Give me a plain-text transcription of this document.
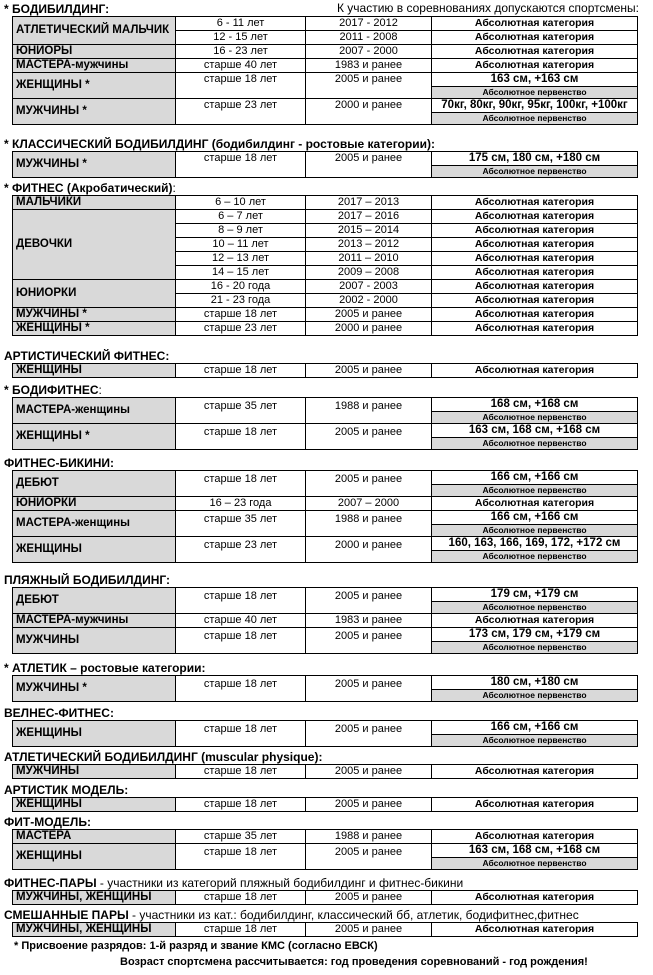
К участию в соревнованиях допускаются спортсмены:
* БОДИБИЛДИНГ:
АТЛЕТИЧЕСКИЙ МАЛЬЧИК	6 - 11 лет	2017 - 2012	Абсолютная категория

	12 - 15 лет	2011 - 2008	Абсолютная категория

ЮНИОРЫ	16 - 23 лет	2007 - 2000	Абсолютная категория

МАСТЕРА-мужчины	старше 40 лет	1983 и ранее	Абсолютная категория

ЖЕНЩИНЫ *	старше 18 лет	2005 и ранее	163 см, +163 см
Абсолютное первенство

МУЖЧИНЫ *	старше 23 лет	2000 и ранее	70кг, 80кг, 90кг, 95кг, 100кг, +100кг
Абсолютное первенство
* КЛАССИЧЕСКИЙ БОДИБИЛДИНГ (бодибилдинг - ростовые категории):
МУЖЧИНЫ *	старше 18 лет	2005 и ранее	175 см, 180 см, +180 см
Абсолютное первенство
* ФИТНЕС (Акробатический):
МАЛЬЧИКИ	6 – 10 лет	2017 – 2013	Абсолютная категория

ДЕВОЧКИ	6 – 7 лет	2017 – 2016	Абсолютная категория

	8 – 9 лет	2015 – 2014	Абсолютная категория

	10 – 11 лет	2013 – 2012	Абсолютная категория

	12 – 13 лет	2011 – 2010	Абсолютная категория

	14 – 15 лет	2009 – 2008	Абсолютная категория

ЮНИОРКИ	16 - 20 года	2007 - 2003	Абсолютная категория

	21 - 23 года	2002 - 2000	Абсолютная категория

МУЖЧИНЫ *	старше 18 лет	2005 и ранее	Абсолютная категория

ЖЕНЩИНЫ *	старше 23 лет	2000 и ранее	Абсолютная категория
АРТИСТИЧЕСКИЙ ФИТНЕС:
ЖЕНЩИНЫ	старше 18 лет	2005 и ранее	Абсолютная категория
* БОДИФИТНЕС:
МАСТЕРА-женщины	старше 35 лет	1988 и ранее	168 см, +168 см
Абсолютное первенство

ЖЕНЩИНЫ *	старше 18 лет	2005 и ранее	163 см, 168 см, +168 см
Абсолютное первенство
ФИТНЕС-БИКИНИ:
ДЕБЮТ	старше 18 лет	2005 и ранее	166 см, +166 см
Абсолютное первенство

ЮНИОРКИ	16 – 23 года	2007 – 2000	Абсолютная категория

МАСТЕРА-женщины	старше 35 лет	1988 и ранее	166 см, +166 см
Абсолютное первенство

ЖЕНЩИНЫ	старше 23 лет	2000 и ранее	160, 163, 166, 169, 172, +172 см
Абсолютное первенство
ПЛЯЖНЫЙ БОДИБИЛДИНГ:
ДЕБЮТ	старше 18 лет	2005 и ранее	179 см, +179 см
Абсолютное первенство

МАСТЕРА-мужчины	старше 40 лет	1983 и ранее	Абсолютная категория

МУЖЧИНЫ	старше 18 лет	2005 и ранее	173 см, 179 см, +179 см
Абсолютное первенство
* АТЛЕТИК – ростовые категории:
МУЖЧИНЫ *	старше 18 лет	2005 и ранее	180 см, +180 см
Абсолютное первенство
ВЕЛНЕС-ФИТНЕС:
ЖЕНЩИНЫ	старше 18 лет	2005 и ранее	166 см, +166 см
Абсолютное первенство
АТЛЕТИЧЕСКИЙ БОДИБИЛДИНГ (muscular physique):
МУЖЧИНЫ	старше 18 лет	2005 и ранее	Абсолютная категория
АРТИСТИК МОДЕЛЬ:
ЖЕНЩИНЫ	старше 18 лет	2005 и ранее	Абсолютная категория
ФИТ-МОДЕЛЬ:
МАСТЕРА	старше 35 лет	1988 и ранее	Абсолютная категория

ЖЕНЩИНЫ	старше 18 лет	2005 и ранее	163 см, 168 см, +168 см
Абсолютное первенство
ФИТНЕС-ПАРЫ - участники из категорий пляжный бодибилдинг и фитнес-бикини
МУЖЧИНЫ, ЖЕНЩИНЫ	старше 18 лет	2005 и ранее	Абсолютная категория
СМЕШАННЫЕ ПАРЫ - участники из кат.: бодибилдинг, классический бб, атлетик, бодифитнес,фитнес
МУЖЧИНЫ, ЖЕНЩИНЫ	старше 18 лет	2005 и ранее	Абсолютная категория
* Присвоение разрядов: 1-й разряд и звание КМС (согласно ЕВСК)
Возраст спортсмена рассчитывается: год проведения соревнований - год рождения!
